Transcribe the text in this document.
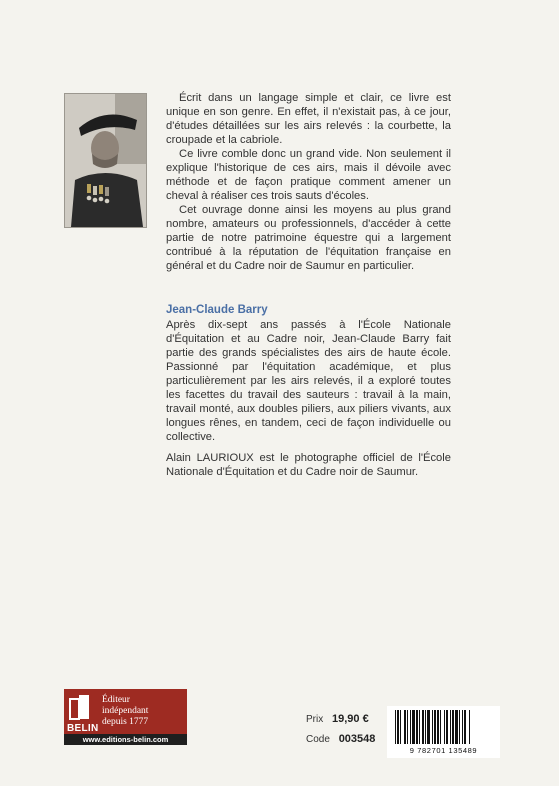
Écrit dans un langage simple et clair, ce livre est unique en son genre. En effet, il n'existait pas, à ce jour, d'études détaillées sur les airs relevés : la courbette, la croupade et la cabriole.

Ce livre comble donc un grand vide. Non seulement il explique l'historique de ces airs, mais il dévoile avec méthode et de façon pratique comment amener un cheval à réaliser ces trois sauts d'écoles.

Cet ouvrage donne ainsi les moyens au plus grand nombre, amateurs ou professionnels, d'accéder à cette partie de notre patrimoine équestre qui a largement contribué à la réputation de l'équitation française en général et du Cadre noir de Saumur en particulier.

Jean-Claude Barry

Après dix-sept ans passés à l'École Nationale d'Équitation et au Cadre noir, Jean-Claude Barry fait partie des grands spécialistes des airs de haute école. Passionné par l'équitation académique, et plus particulièrement par les airs relevés, il a exploré toutes les facettes du travail des sauteurs : travail à la main, travail monté, aux doubles piliers, aux piliers vivants, aux longues rênes, en tandem, ceci de façon individuelle ou collective.

Alain LAURIOUX est le photographe officiel de l'École Nationale d'Équitation et du Cadre noir de Saumur.

BELIN
Éditeur
indépendant
depuis 1777
www.editions-belin.com
Prix 19,90 €
Code 003548
9 782701 135489
